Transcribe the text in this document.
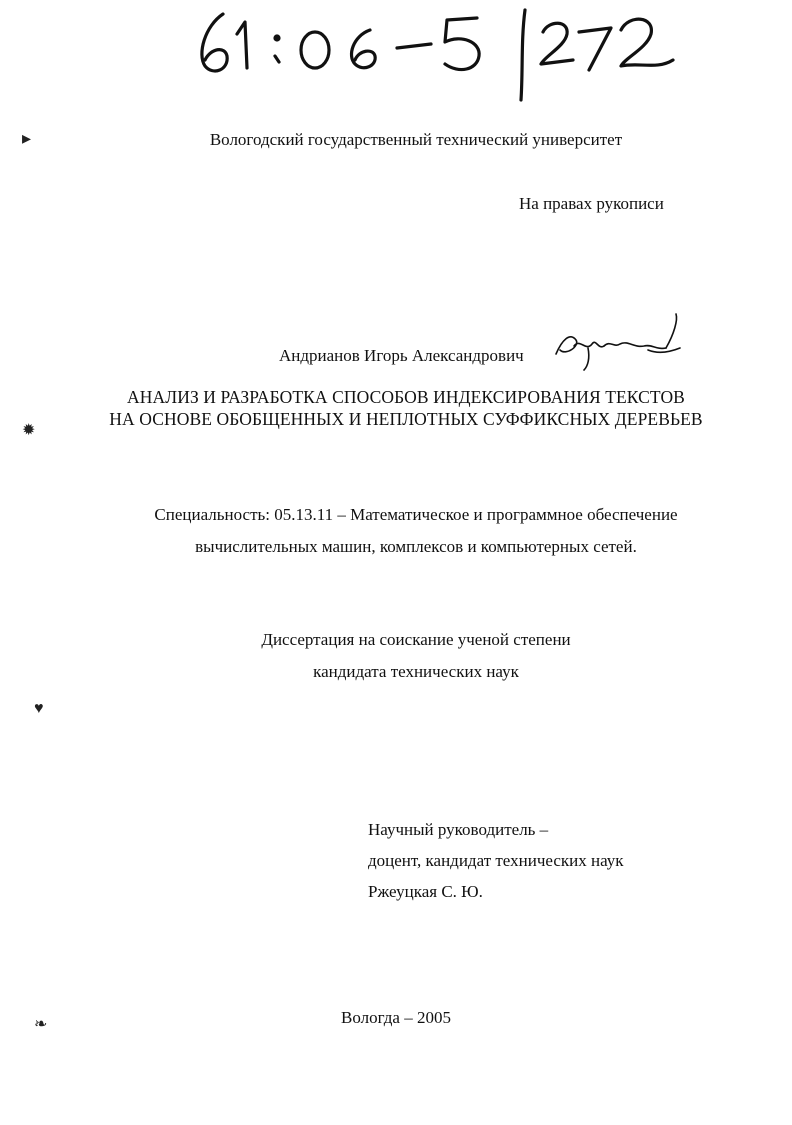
▸
✹
♥
❧
Вологодский государственный технический университет
На правах рукописи
Андрианов Игорь Александрович
АНАЛИЗ И РАЗРАБОТКА СПОСОБОВ ИНДЕКСИРОВАНИЯ ТЕКСТОВ
НА ОСНОВЕ ОБОБЩЕННЫХ И НЕПЛОТНЫХ СУФФИКСНЫХ ДЕРЕВЬЕВ
Специальность: 05.13.11 – Математическое и программное обеспечение
вычислительных машин, комплексов и компьютерных сетей.
Диссертация на соискание ученой степени
кандидата технических наук
Научный руководитель –
доцент, кандидат технических наук
Ржеуцкая С. Ю.
Вологда – 2005
